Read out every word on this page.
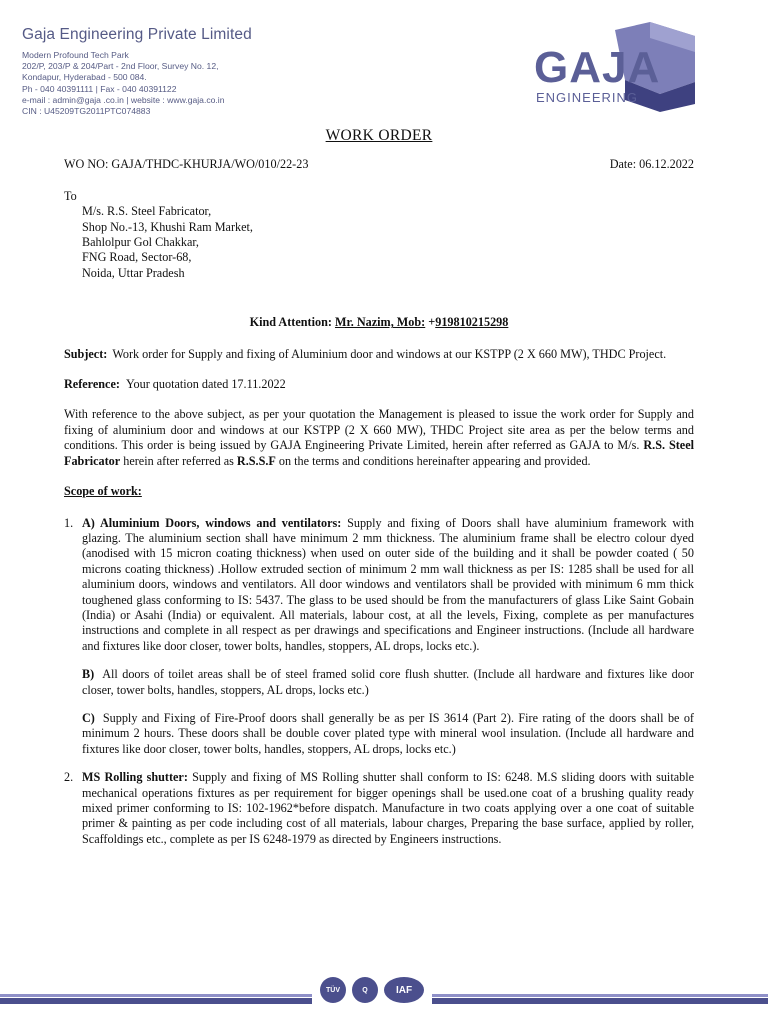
Gaja Engineering Private Limited
Modern Profound Tech Park
202/P, 203/P & 204/Part - 2nd Floor, Survey No. 12,
Kondapur, Hyderabad - 500 084.
Ph - 040 40391111 | Fax - 040 40391122
e-mail : admin@gaja .co.in | website : www.gaja.co.in
CIN : U45209TG2011PTC074883
GAJA
ENGINEERING
WORK ORDER
WO NO: GAJA/THDC-KHURJA/WO/010/22-23	Date: 06.12.2022
To
M/s. R.S. Steel Fabricator,
Shop No.-13, Khushi Ram Market,
Bahlolpur Gol Chakkar,
FNG Road, Sector-68,
Noida, Uttar Pradesh
Kind Attention: Mr. Nazim, Mob: +919810215298
Subject: Work order for Supply and fixing of Aluminium door and windows at our KSTPP (2 X 660 MW), THDC Project.
Reference: Your quotation dated 17.11.2022
With reference to the above subject, as per your quotation the Management is pleased to issue the work order for Supply and fixing of aluminium door and windows at our KSTPP (2 X 660 MW), THDC Project site area as per the below terms and conditions. This order is being issued by GAJA Engineering Private Limited, herein after referred as GAJA to M/s. R.S. Steel Fabricator herein after referred as R.S.S.F on the terms and conditions hereinafter appearing and provided.
Scope of work:
1. A) Aluminium Doors, windows and ventilators: Supply and fixing of Doors shall have aluminium framework with glazing. The aluminium section shall have minimum 2 mm thickness. The aluminium frame shall be electro colour dyed (anodised with 15 micron coating thickness) when used on outer side of the building and it shall be powder coated ( 50 microns coating thickness) .Hollow extruded section of minimum 2 mm wall thickness as per IS: 1285 shall be used for all aluminium doors, windows and ventilators. All door windows and ventilators shall be provided with minimum 6 mm thick toughened glass conforming to IS: 5437. The glass to be used should be from the manufacturers of glass Like Saint Gobain (India) or Asahi (India) or equivalent. All materials, labour cost, at all the levels, Fixing, complete as per manufactures instructions and complete in all respect as per drawings and specifications and Engineer instructions. (Include all hardware and fixtures like door closer, tower bolts, handles, stoppers, AL drops, locks etc.).
B) All doors of toilet areas shall be of steel framed solid core flush shutter. (Include all hardware and fixtures like door closer, tower bolts, handles, stoppers, AL drops, locks etc.)
C) Supply and Fixing of Fire-Proof doors shall generally be as per IS 3614 (Part 2). Fire rating of the doors shall be of minimum 2 hours. These doors shall be double cover plated type with mineral wool insulation. (Include all hardware and fixtures like door closer, tower bolts, handles, stoppers, AL drops, locks etc.)
2. MS Rolling shutter: Supply and fixing of MS Rolling shutter shall conform to IS: 6248. M.S sliding doors with suitable mechanical operations fixtures as per requirement for bigger openings shall be used.one coat of a brushing quality ready mixed primer conforming to IS: 102-1962*before dispatch. Manufacture in two coats applying over a one coat of suitable primer & painting as per code including cost of all materials, labour charges, Preparing the base surface, applied by roller, Scaffoldings etc., complete as per IS 6248-1979 as directed by Engineers instructions.
TÜV	Q	IAF
